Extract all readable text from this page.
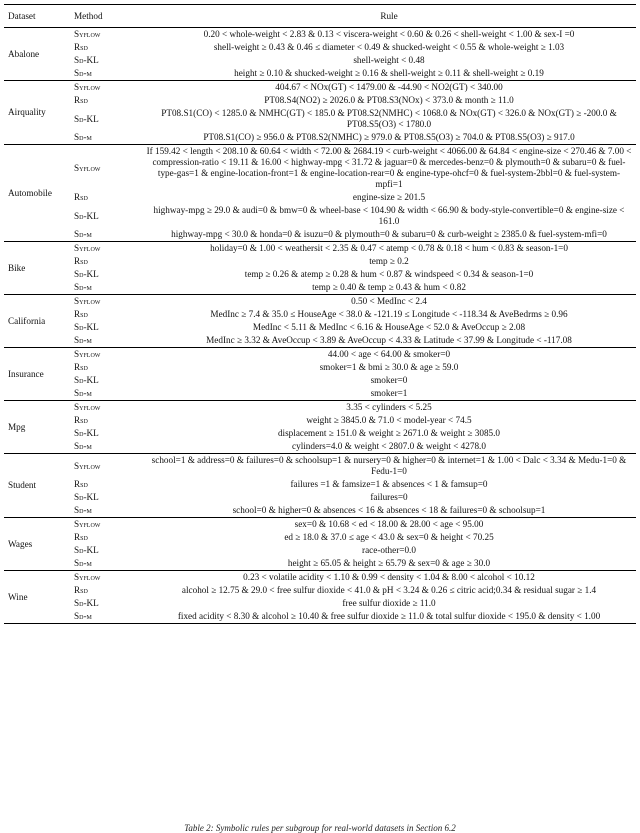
Dataset	Method	Rule
Abalone	Syflow	0.20 < whole-weight < 2.83 & 0.13 < viscera-weight < 0.60 & 0.26 < shell-weight < 1.00 & sex-I =0
	Rsd	shell-weight ≥ 0.43 & 0.46 ≤ diameter < 0.49 & shucked-weight < 0.55 & whole-weight ≥ 1.03
	Sd-KL	shell-weight < 0.48
	Sd-μ	height ≥ 0.10 & shucked-weight ≥ 0.16 & shell-weight ≥ 0.11 & shell-weight ≥ 0.19
Airquality	Syflow	404.67 < NOx(GT) < 1479.00 & -44.90 < NO2(GT) < 340.00
	Rsd	PT08.S4(NO2) ≥ 2026.0 & PT08.S3(NOx) < 373.0 & month ≥ 11.0
	Sd-KL	PT08.S1(CO) < 1285.0 & NMHC(GT) < 185.0 & PT08.S2(NMHC) < 1068.0 & NOx(GT) < 326.0 & NOx(GT) ≥ -200.0 & PT08.S5(O3) < 1780.0
	Sd-μ	PT08.S1(CO) ≥ 956.0 & PT08.S2(NMHC) ≥ 979.0 & PT08.S5(O3) ≥ 704.0 & PT08.S5(O3) ≥ 917.0
Automobile	Syflow	If 159.42 < length < 208.10 & 60.64 < width < 72.00 & 2684.19 < curb-weight < 4066.00 & 64.84 < engine-size < 270.46 & 7.00 < compression-ratio < 19.11 & 16.00 < highway-mpg < 31.72 & jaguar=0 & mercedes-benz=0 & plymouth=0 & subaru=0 & fuel-type-gas=1 & engine-location-front=1 & engine-location-rear=0 & engine-type-ohcf=0 & fuel-system-2bbl=0 & fuel-system-mpfi=1
	Rsd	engine-size ≥ 201.5
	Sd-KL	highway-mpg ≥ 29.0 & audi=0 & bmw=0 & wheel-base < 104.90 & width < 66.90 & body-style-convertible=0 & engine-size < 161.0
	Sd-μ	highway-mpg < 30.0 & honda=0 & isuzu=0 & plymouth=0 & subaru=0 & curb-weight ≥ 2385.0 & fuel-system-mfi=0
Bike	Syflow	holiday=0 & 1.00 < weathersit < 2.35 & 0.47 < atemp < 0.78 & 0.18 < hum < 0.83 & season-1=0
	Rsd	temp ≥ 0.2
	Sd-KL	temp ≥ 0.26 & atemp ≥ 0.28 & hum < 0.87 & windspeed < 0.34 & season-1=0
	Sd-μ	temp ≥ 0.40 & temp ≥ 0.43 & hum < 0.82
California	Syflow	0.50 < MedInc < 2.4
	Rsd	MedInc ≥ 7.4 & 35.0 ≤ HouseAge < 38.0 & -121.19 ≤ Longitude < -118.34 & AveBedrms ≥ 0.96
	Sd-KL	MedInc < 5.11 & MedInc < 6.16 & HouseAge < 52.0 & AveOccup ≥ 2.08
	Sd-μ	MedInc ≥ 3.32 & AveOccup < 3.89 & AveOccup < 4.33 & Latitude < 37.99 & Longitude < -117.08
Insurance	Syflow	44.00 < age < 64.00 & smoker=0
	Rsd	smoker=1 & bmi ≥ 30.0 & age ≥ 59.0
	Sd-KL	smoker=0
	Sd-μ	smoker=1
Mpg	Syflow	3.35 < cylinders < 5.25
	Rsd	weight ≥ 3845.0 & 71.0 < model-year < 74.5
	Sd-KL	displacement ≥ 151.0 & weight ≥ 2671.0 & weight ≥ 3085.0
	Sd-μ	cylinders=4.0 & weight < 2807.0 & weight < 4278.0
Student	Syflow	school=1 & address=0 & failures=0 & schoolsup=1 & nursery=0 & higher=0 & internet=1 & 1.00 < Dalc < 3.34 & Medu-1=0 & Fedu-1=0
	Rsd	failures =1 & famsize=1 & absences < 1 & famsup=0
	Sd-KL	failures=0
	Sd-μ	school=0 & higher=0 & absences < 16 & absences < 18 & failures=0 & schoolsup=1
Wages	Syflow	sex=0 & 10.68 < ed < 18.00 & 28.00 < age < 95.00
	Rsd	ed ≥ 18.0 & 37.0 ≤ age < 43.0 & sex=0 & height < 70.25
	Sd-KL	race-other=0.0
	Sd-μ	height ≥ 65.05 & height ≥ 65.79 & sex=0 & age ≥ 30.0
Wine	Syflow	0.23 < volatile acidity < 1.10 & 0.99 < density < 1.04 & 8.00 < alcohol < 10.12
	Rsd	alcohol ≥ 12.75 & 29.0 < free sulfur dioxide < 41.0 & pH < 3.24 & 0.26 ≤ citric acid;0.34 & residual sugar ≥ 1.4
	Sd-KL	free sulfur dioxide ≥ 11.0
	Sd-μ	fixed acidity < 8.30 & alcohol ≥ 10.40 & free sulfur dioxide ≥ 11.0 & total sulfur dioxide < 195.0 & density < 1.00
Table 2: Symbolic rules per subgroup for real-world datasets in Section 6.2
